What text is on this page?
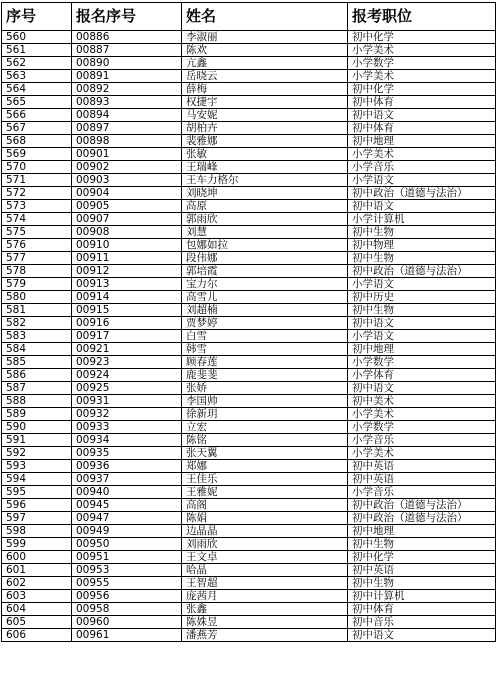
序号	报名序号	姓名	报考职位
560	00886	李淑丽	初中化学
561	00887	陈欢	小学美术
562	00890	亢鑫	小学数学
563	00891	岳晓云	小学美术
564	00892	薛梅	初中化学
565	00893	权捷宇	初中体育
566	00894	马安妮	初中语文
567	00897	胡柏卉	初中体育
568	00898	裴雅娜	初中地理
569	00901	张敏	小学美术
570	00902	王瑞峰	小学音乐
571	00903	王车力格尔	小学语文
572	00904	刘晓坤	初中政治（道德与法治）
573	00905	高原	初中语文
574	00907	郭雨欣	小学计算机
575	00908	刘慧	初中生物
576	00910	包娜如拉	初中物理
577	00911	段伟娜	初中生物
578	00912	郭培霞	初中政治（道德与法治）
579	00913	宝力尔	小学语文
580	00914	高雪儿	初中历史
581	00915	刘超楠	初中生物
582	00916	贾梦婷	初中语文
583	00917	白雪	小学语文
584	00921	韩雪	初中地理
585	00923	顾春莲	小学数学
586	00924	鹿斐斐	小学体育
587	00925	张娇	初中语文
588	00931	李国帅	初中美术
589	00932	徐新玥	小学美术
590	00933	立宏	小学数学
591	00934	陈铭	小学音乐
592	00935	张天翼	小学美术
593	00936	郑娜	初中英语
594	00937	王佳乐	初中英语
595	00940	王雅妮	小学音乐
596	00945	高阁	初中政治（道德与法治）
597	00947	陈娟	初中政治（道德与法治）
598	00949	边晶晶	初中地理
599	00950	刘雨欣	初中生物
600	00951	王文卓	初中化学
601	00953	哈晶	初中英语
602	00955	王智超	初中生物
603	00956	庞茜月	初中计算机
604	00958	张鑫	初中体育
605	00960	陈姝昱	初中音乐
606	00961	潘燕芳	初中语文
